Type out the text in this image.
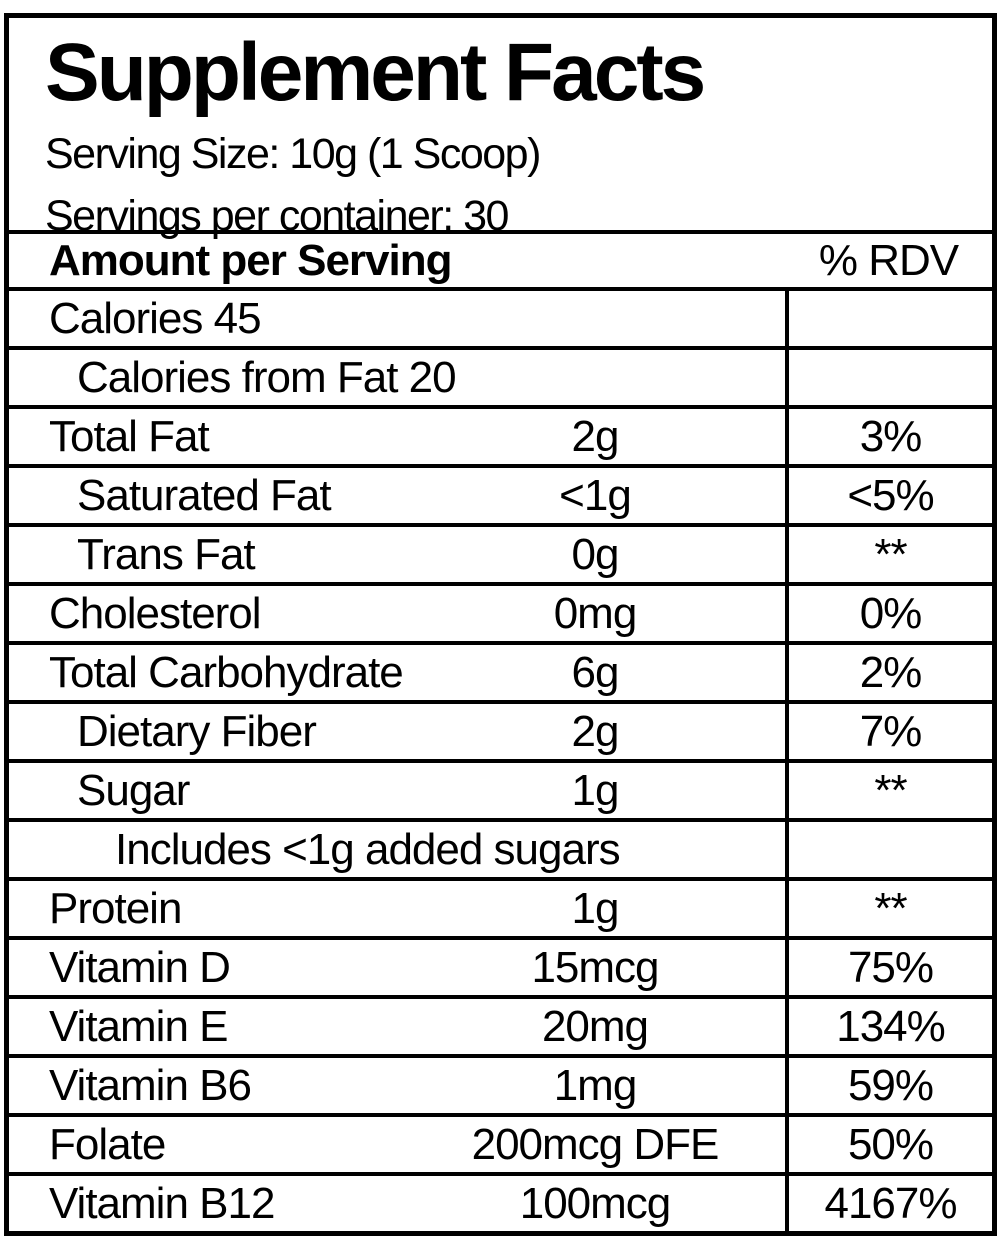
Supplement Facts
Serving Size: 10g (1 Scoop)
Servings per container: 30
Amount per Serving	% RDV
Calories 45
Calories from Fat 20
Total Fat	2g	3%
Saturated Fat	<1g	<5%
Trans Fat	0g	**
Cholesterol	0mg	0%
Total Carbohydrate	6g	2%
Dietary Fiber	2g	7%
Sugar	1g	**
Includes <1g added sugars
Protein	1g	**
Vitamin D	15mcg	75%
Vitamin E	20mg	134%
Vitamin B6	1mg	59%
Folate	200mcg DFE	50%
Vitamin B12	100mcg	4167%
